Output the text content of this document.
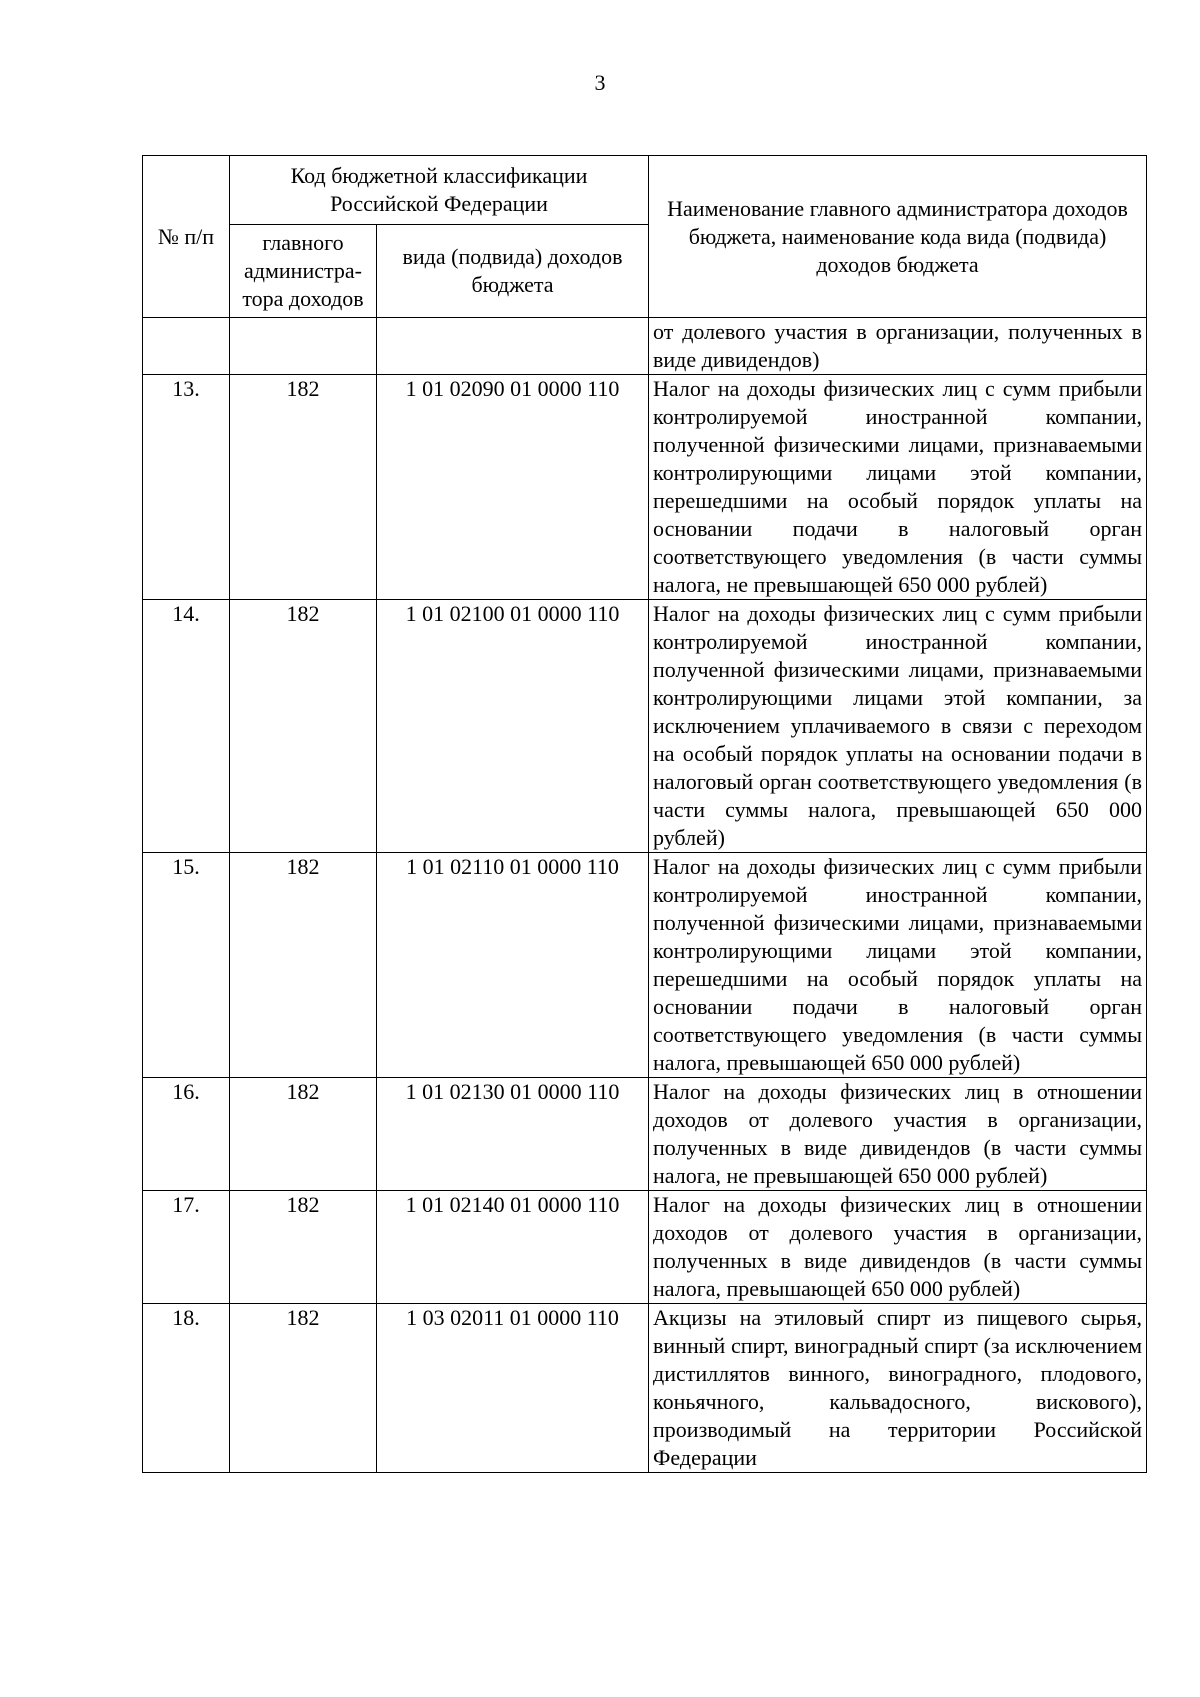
3
№ п/п	Код бюджетной классификации Российской Федерации		Наименование главного администратора доходов бюджета, наименование кода вида (подвида) доходов бюджета
	главного администра-тора доходов	вида (подвида) доходов бюджета	
			от долевого участия в организации, полученных в виде дивидендов)
13.	182	1 01 02090 01 0000 110	Налог на доходы физических лиц с сумм прибыли контролируемой иностранной компании, полученной физическими лицами, признаваемыми контролирующими лицами этой компании, перешедшими на особый порядок уплаты на основании подачи в налоговый орган соответствующего уведомления (в части суммы налога, не превышающей 650 000 рублей)
14.	182	1 01 02100 01 0000 110	Налог на доходы физических лиц с сумм прибыли контролируемой иностранной компании, полученной физическими лицами, признаваемыми контролирующими лицами этой компании, за исключением уплачиваемого в связи с переходом на особый порядок уплаты на основании подачи в налоговый орган соответствующего уведомления (в части суммы налога, превышающей 650 000 рублей)
15.	182	1 01 02110 01 0000 110	Налог на доходы физических лиц с сумм прибыли контролируемой иностранной компании, полученной физическими лицами, признаваемыми контролирующими лицами этой компании, перешедшими на особый порядок уплаты на основании подачи в налоговый орган соответствующего уведомления (в части суммы налога, превышающей 650 000 рублей)
16.	182	1 01 02130 01 0000 110	Налог на доходы физических лиц в отношении доходов от долевого участия в организации, полученных в виде дивидендов (в части суммы налога, не превышающей 650 000 рублей)
17.	182	1 01 02140 01 0000 110	Налог на доходы физических лиц в отношении доходов от долевого участия в организации, полученных в виде дивидендов (в части суммы налога, превышающей 650 000 рублей)
18.	182	1 03 02011 01 0000 110	Акцизы на этиловый спирт из пищевого сырья, винный спирт, виноградный спирт (за исключением дистиллятов винного, виноградного, плодового, коньячного, кальвадосного, вискового), производимый на территории Российской Федерации
